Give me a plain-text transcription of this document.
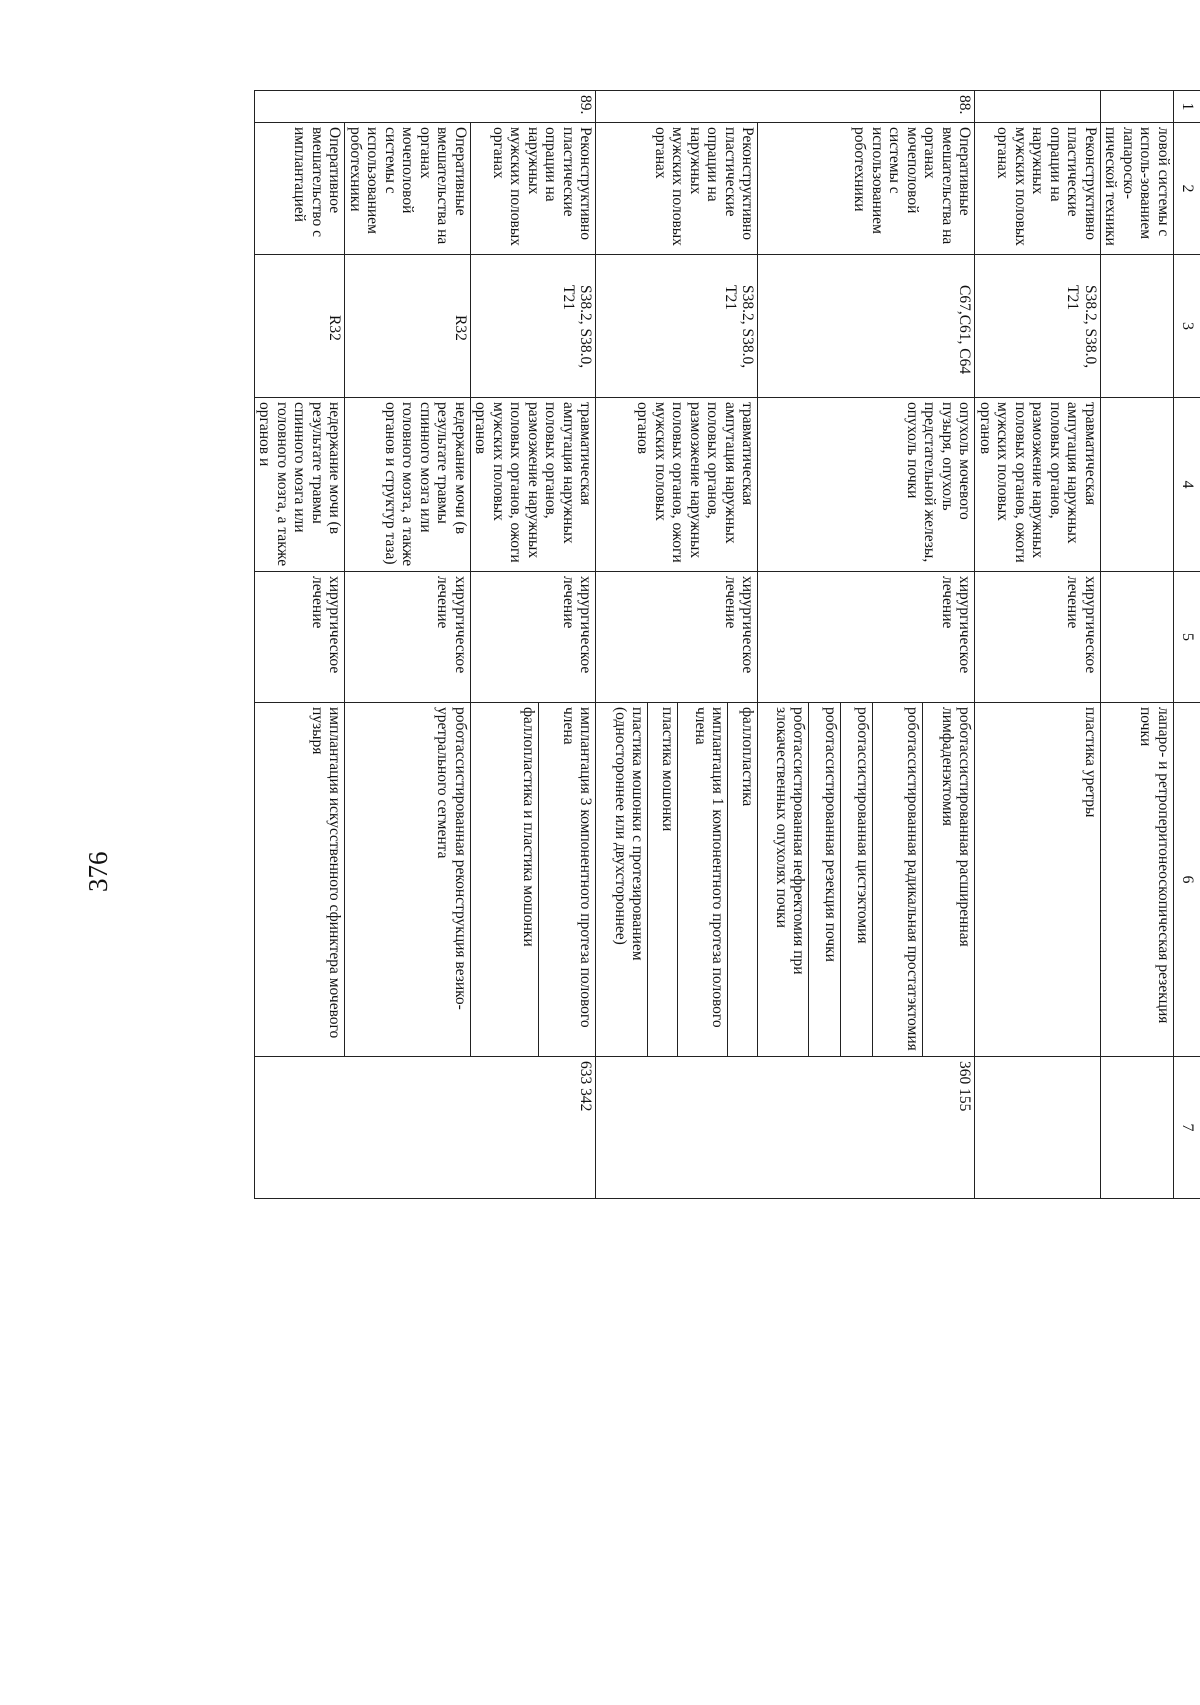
376
1	2	3	4	5	6	7
	ловой системы с исполь-зованием лапароско-пической техники				лапаро- и ретроперитонеоскопическая резекция почки	
	Реконструктивно пластические опрации на наружных мужских половых органах	S38.2, S38.0, T21	травматическая ампутация наружных половых органов, размозжение наружных половых органов, ожоги мужских половых органов	хирургическое лечение	пластика уретры	
88.	Оперативные вмешательства на органах мочеполовой системы с использованием роботехники	C67,C61, C64	опухоль мочевого пузыря, опухоль предстательной железы, опухоль почки	хирургическое лечение	роботассистированная расширенная лимфаденэктомия	360 155
					роботассистированная радикальная простатэктомия	
					роботассистированная цистэктомия	
					роботассистированная резекция почки	
					роботассистированная нефректомия при злокачественных опухолях почки	
	Реконструктивно пластические опрации на наружных мужских половых органах	S38.2, S38.0, T21	травматическая ампутация наружных половых органов, размозжение наружных половых органов, ожоги мужских половых органов	хирургическое лечение	фаллопластика	
					имплантация 1 компонентного протеза полового члена	
					пластика мошонки	
					пластика мошонки с протезированием (одностороннее или двухстороннее)	
89.	Реконструктивно пластические опрации на наружных мужских половых органах	S38.2, S38.0, T21	травматическая ампутация наружных половых органов, размозжение наружных половых органов, ожоги мужских половых органов	хирургическое лечение	имплантация 3 компонентного протеза полового члена	633 342
					фаллопластика и пластика мошонки	
	Оперативные вмешательства на органах мочеполовой системы с использованием роботехники	R32	недержание мочи (в результате травмы спинного мозга или головного мозга, а также органов и структур таза)	хирургическое лечение	роботассистированная реконструкция везико-уретрального сегмента	
	Оперативное вмешательство с имплантацией	R32	недержание мочи (в результате травмы спинного мозга или головного мозга, а также органов и	хирургическое лечение	имплантация искусственного сфинктера мочевого пузыря	
